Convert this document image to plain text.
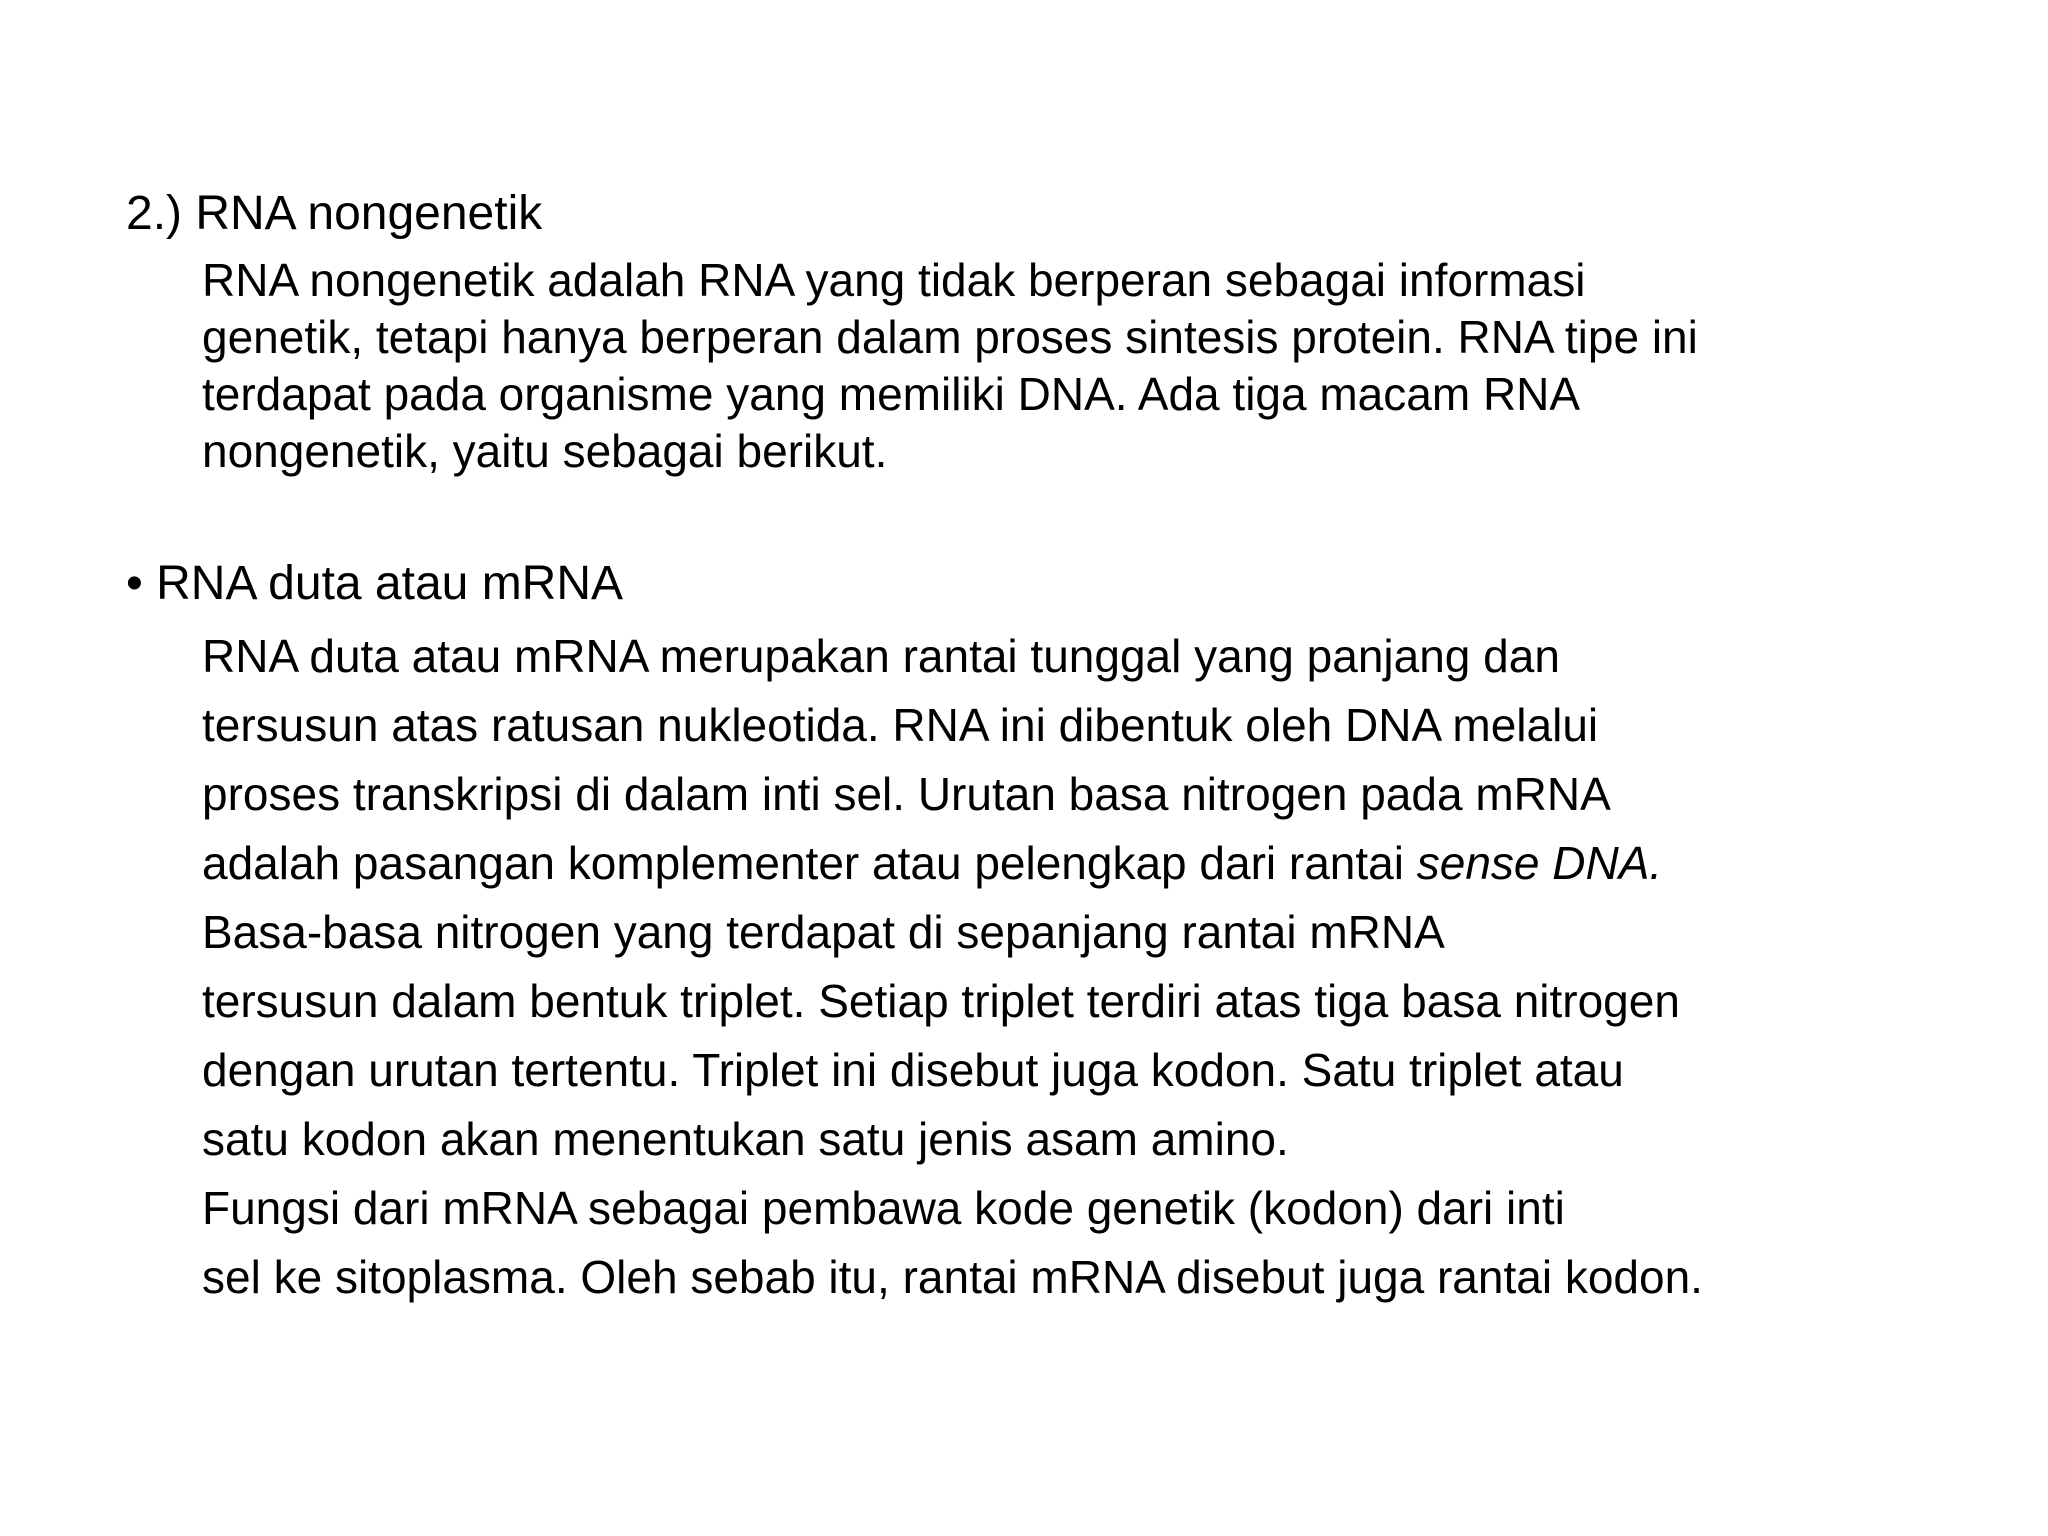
2.) RNA nongenetik
RNA nongenetik adalah RNA yang tidak berperan sebagai informasi
genetik, tetapi hanya berperan dalam proses sintesis protein. RNA tipe ini
terdapat pada organisme yang memiliki DNA. Ada tiga macam RNA
nongenetik, yaitu sebagai berikut.
• RNA duta atau mRNA
RNA duta atau mRNA merupakan rantai tunggal yang panjang dan
tersusun atas ratusan nukleotida. RNA ini dibentuk oleh DNA melalui
proses transkripsi di dalam inti sel. Urutan basa nitrogen pada mRNA
adalah pasangan komplementer atau pelengkap dari rantai sense DNA.
Basa-basa nitrogen yang terdapat di sepanjang rantai mRNA
tersusun dalam bentuk triplet. Setiap triplet terdiri atas tiga basa nitrogen
dengan urutan tertentu. Triplet ini disebut juga kodon. Satu triplet atau
satu kodon akan menentukan satu jenis asam amino.
Fungsi dari mRNA sebagai pembawa kode genetik (kodon) dari inti
sel ke sitoplasma. Oleh sebab itu, rantai mRNA disebut juga rantai kodon.
